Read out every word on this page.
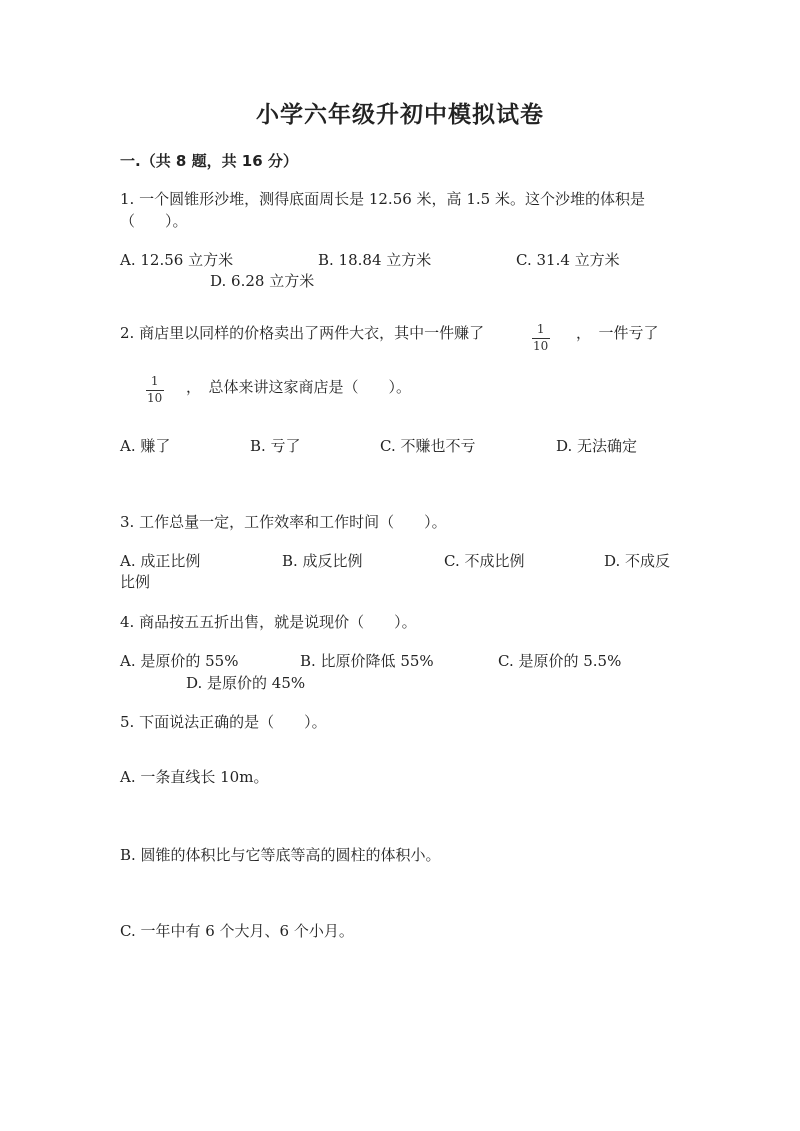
小学六年级升初中模拟试卷
一.（共 8 题，共 16 分）
1. 一个圆锥形沙堆，测得底面周长是 12.56 米，高 1.5 米。这个沙堆的体积是
（　　）。
A. 12.56 立方米	B. 18.84 立方米	C. 31.4 立方米
D. 6.28 立方米
2. 商店里以同样的价格卖出了两件大衣，其中一件赚了	$\frac{1}{10}$ ，　一件亏了
$\frac{1}{10}$ ，　总体来讲这家商店是（　　）。
A. 赚了	B. 亏了	C. 不赚也不亏	D. 无法确定
3. 工作总量一定，工作效率和工作时间（　　）。
A. 成正比例	B. 成反比例	C. 不成比例	D. 不成反
比例
4. 商品按五五折出售，就是说现价（　　）。
A. 是原价的 55%	B. 比原价降低 55%	C. 是原价的 5.5%
D. 是原价的 45%
5. 下面说法正确的是（　　）。
A. 一条直线长 10m。
B. 圆锥的体积比与它等底等高的圆柱的体积小。
C. 一年中有 6 个大月、6 个小月。
